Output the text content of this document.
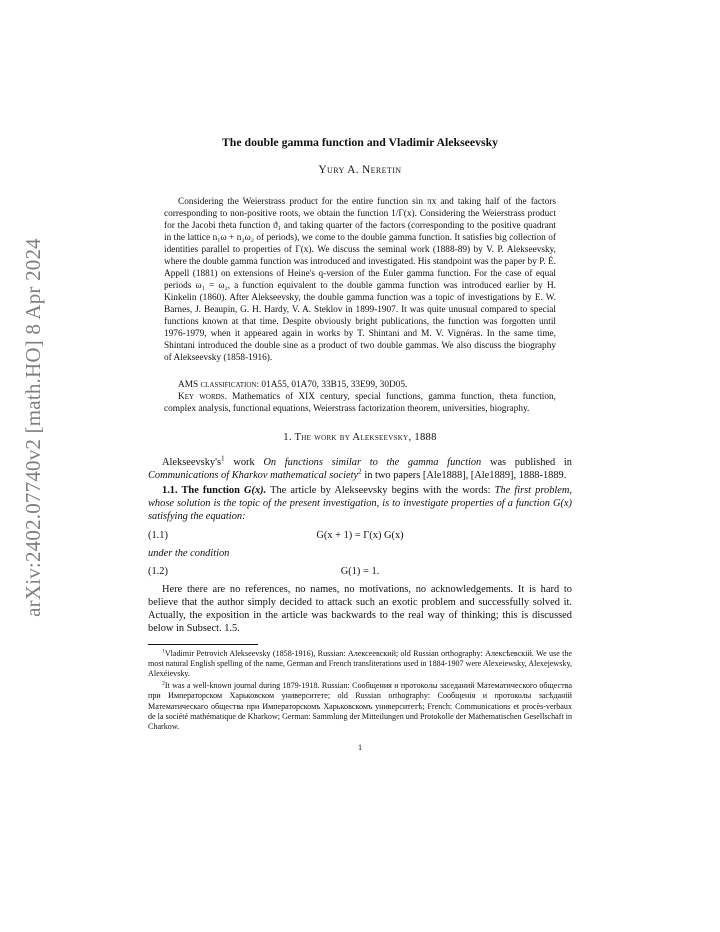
arXiv:2402.07740v2 [math.HO] 8 Apr 2024
The double gamma function and Vladimir Alekseevsky
Yury A. Neretin

Considering the Weierstrass product for the entire function sin πx and taking half of the factors corresponding to non-positive roots, we obtain the function 1/Γ(x). Considering the Weierstrass product for the Jacobi theta function ϑ₁ and taking quarter of the factors (corresponding to the positive quadrant in the lattice n₁ω + n₂ω₂ of periods), we come to the double gamma function. It satisfies big collection of identities parallel to properties of Γ(x). We discuss the seminal work (1888-89) by V. P. Alekseevsky, where the double gamma function was introduced and investigated. His standpoint was the paper by P. É. Appell (1881) on extensions of Heine's q-version of the Euler gamma function. For the case of equal periods ω₁ = ω₂, a function equivalent to the double gamma function was introduced earlier by H. Kinkelin (1860). After Alekseevsky, the double gamma function was a topic of investigations by E. W. Barnes, J. Beaupin, G. H. Hardy, V. A. Steklov in 1899-1907. It was quite unusual compared to special functions known at that time. Despite obviously bright publications, the function was forgotten until 1976-1979, when it appeared again in works by T. Shintani and M. V. Vignéras. In the same time, Shintani introduced the double sine as a product of two double gammas. We also discuss the biography of Alekseevsky (1858-1916).

AMS classification: 01A55, 01A70, 33B15, 33E99, 30D05.

Key words. Mathematics of XIX century, special functions, gamma function, theta function, complex analysis, functional equations, Weierstrass factorization theorem, universities, biography.

1. The work by Alekseevsky, 1888

$Alekseevsky's^1$ work On functions similar to the gamma function was published in Communications of Kharkov mathematical society$^2$ in two papers [Ale1888], [Ale1889], 1888-1889.

1.1. The function G(x). The article by Alekseevsky begins with the words: The first problem, whose solution is the topic of the present investigation, is to investigate properties of a function G(x) satisfying the equation:

(1.1)	G(x + 1) = Γ(x) G(x)

under the condition

(1.2)	G(1) = 1.

Here there are no references, no names, no motivations, no acknowledgements. It is hard to believe that the author simply decided to attack such an exotic problem and successfully solved it. Actually, the exposition in the article was backwards to the real way of thinking; this is discussed below in Subsect. 1.5.

$^1$Vladimir Petrovich Alekseevsky (1858-1916), Russian: Алексеевский; old Russian orthography: Алексѣевскій. We use the most natural English spelling of the name, German and French transliterations used in 1884-1907 were Alexeiewsky, Alexejewsky, Alexéievsky.

$^2$It was a well-known journal during 1879-1918. Russian: Сообщения и протоколы заседаний Математического общества при Императорском Харьковском университете; old Russian orthography: Сообщенія и протоколы засѣданій Математическаго общества при Императорскомъ Харьковскомъ университетѣ; French: Communications et procès-verbaux de la société mathématique de Kharkow; German: Sammlung der Mitteilungen und Protokolle der Mathematischen Gesellschaft in Charkow.

1
